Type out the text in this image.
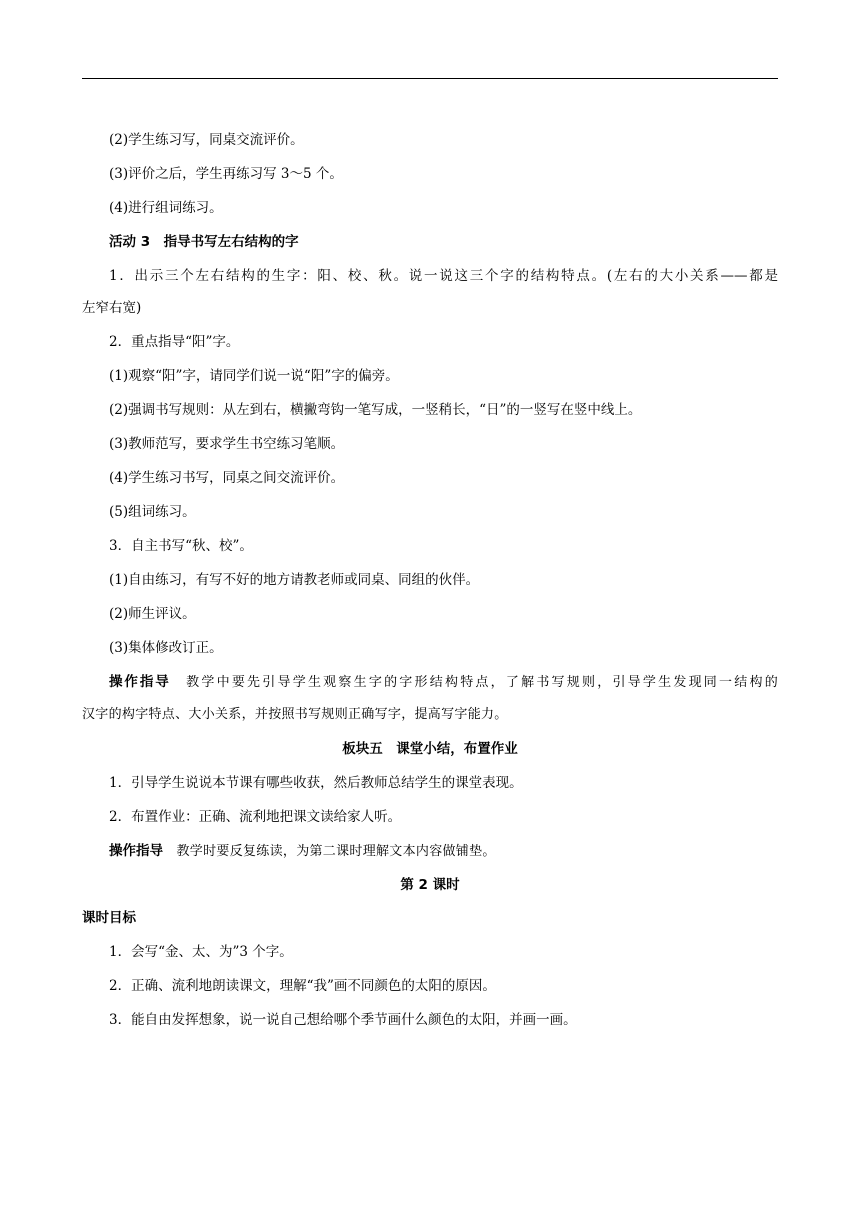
(2)学生练习写，同桌交流评价。
(3)评价之后，学生再练习写 3～5 个。
(4)进行组词练习。
活动 3　指导书写左右结构的字
1．出示三个左右结构的生字：阳、校、秋。说一说这三个字的结构特点。(左右的大小关系——都是
左窄右宽)
2．重点指导“阳”字。
(1)观察“阳”字，请同学们说一说“阳”字的偏旁。
(2)强调书写规则：从左到右，横撇弯钩一笔写成，一竖稍长，“日”的一竖写在竖中线上。
(3)教师范写，要求学生书空练习笔顺。
(4)学生练习书写，同桌之间交流评价。
(5)组词练习。
3．自主书写“秋、校”。
(1)自由练习，有写不好的地方请教老师或同桌、同组的伙伴。
(2)师生评议。
(3)集体修改订正。
操作指导　 教学中要先引导学生观察生字的字形结构特点，了解书写规则，引导学生发现同一结构的
汉字的构字特点、大小关系，并按照书写规则正确写字，提高写字能力。
板块五　课堂小结，布置作业
1．引导学生说说本节课有哪些收获，然后教师总结学生的课堂表现。
2．布置作业：正确、流利地把课文读给家人听。
操作指导　 教学时要反复练读，为第二课时理解文本内容做铺垫。
第 2 课时
课时目标
1．会写“金、太、为”3 个字。
2．正确、流利地朗读课文，理解“我”画不同颜色的太阳的原因。
3．能自由发挥想象，说一说自己想给哪个季节画什么颜色的太阳，并画一画。
